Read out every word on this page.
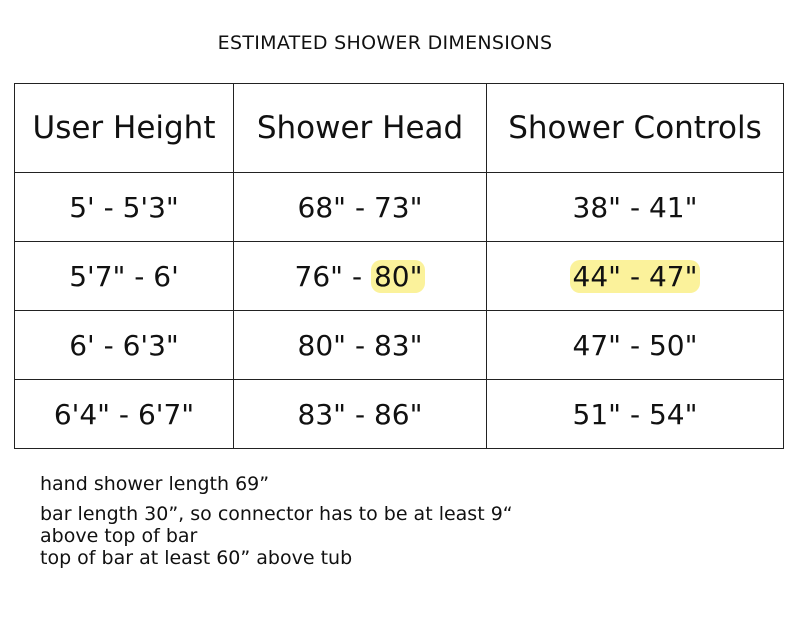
ESTIMATED SHOWER DIMENSIONS
User Height	Shower Head	Shower Controls
5' - 5'3"	68" - 73"	38" - 41"
5'7" - 6'	76" - 80"	44" - 47"
6' - 6'3"	80" - 83"	47" - 50"
6'4" - 6'7"	83" - 86"	51" - 54"
hand shower length 69”
bar length 30”, so connector has to be at least 9“
above top of bar
top of bar at least 60” above tub
